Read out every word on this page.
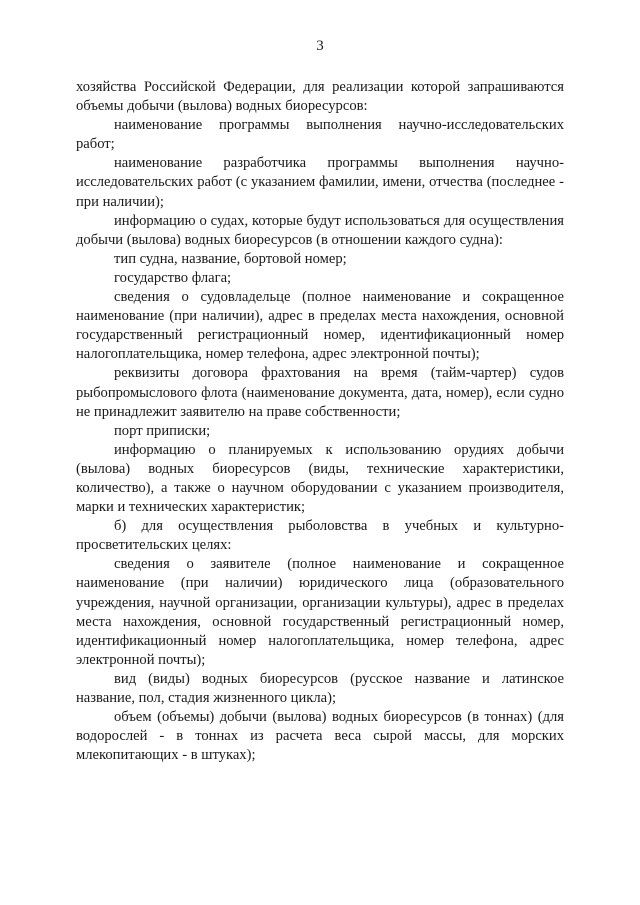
3

хозяйства Российской Федерации, для реализации которой запрашиваются объемы добычи (вылова) водных биоресурсов:

наименование программы выполнения научно-исследовательских работ;

наименование разработчика программы выполнения научно-исследовательских работ (с указанием фамилии, имени, отчества (последнее - при наличии);

информацию о судах, которые будут использоваться для осуществления добычи (вылова) водных биоресурсов (в отношении каждого судна):

тип судна, название, бортовой номер;

государство флага;

сведения о судовладельце (полное наименование и сокращенное наименование (при наличии), адрес в пределах места нахождения, основной государственный регистрационный номер, идентификационный номер налогоплательщика, номер телефона, адрес электронной почты);

реквизиты договора фрахтования на время (тайм-чартер) судов рыбопромыслового флота (наименование документа, дата, номер), если судно не принадлежит заявителю на праве собственности;

порт приписки;

информацию о планируемых к использованию орудиях добычи (вылова) водных биоресурсов (виды, технические характеристики, количество), а также о научном оборудовании с указанием производителя, марки и технических характеристик;

б) для осуществления рыболовства в учебных и культурно-просветительских целях:

сведения о заявителе (полное наименование и сокращенное наименование (при наличии) юридического лица (образовательного учреждения, научной организации, организации культуры), адрес в пределах места нахождения, основной государственный регистрационный номер, идентификационный номер налогоплательщика, номер телефона, адрес электронной почты);

вид (виды) водных биоресурсов (русское название и латинское название, пол, стадия жизненного цикла);

объем (объемы) добычи (вылова) водных биоресурсов (в тоннах) (для водорослей - в тоннах из расчета веса сырой массы, для морских млекопитающих - в штуках);
